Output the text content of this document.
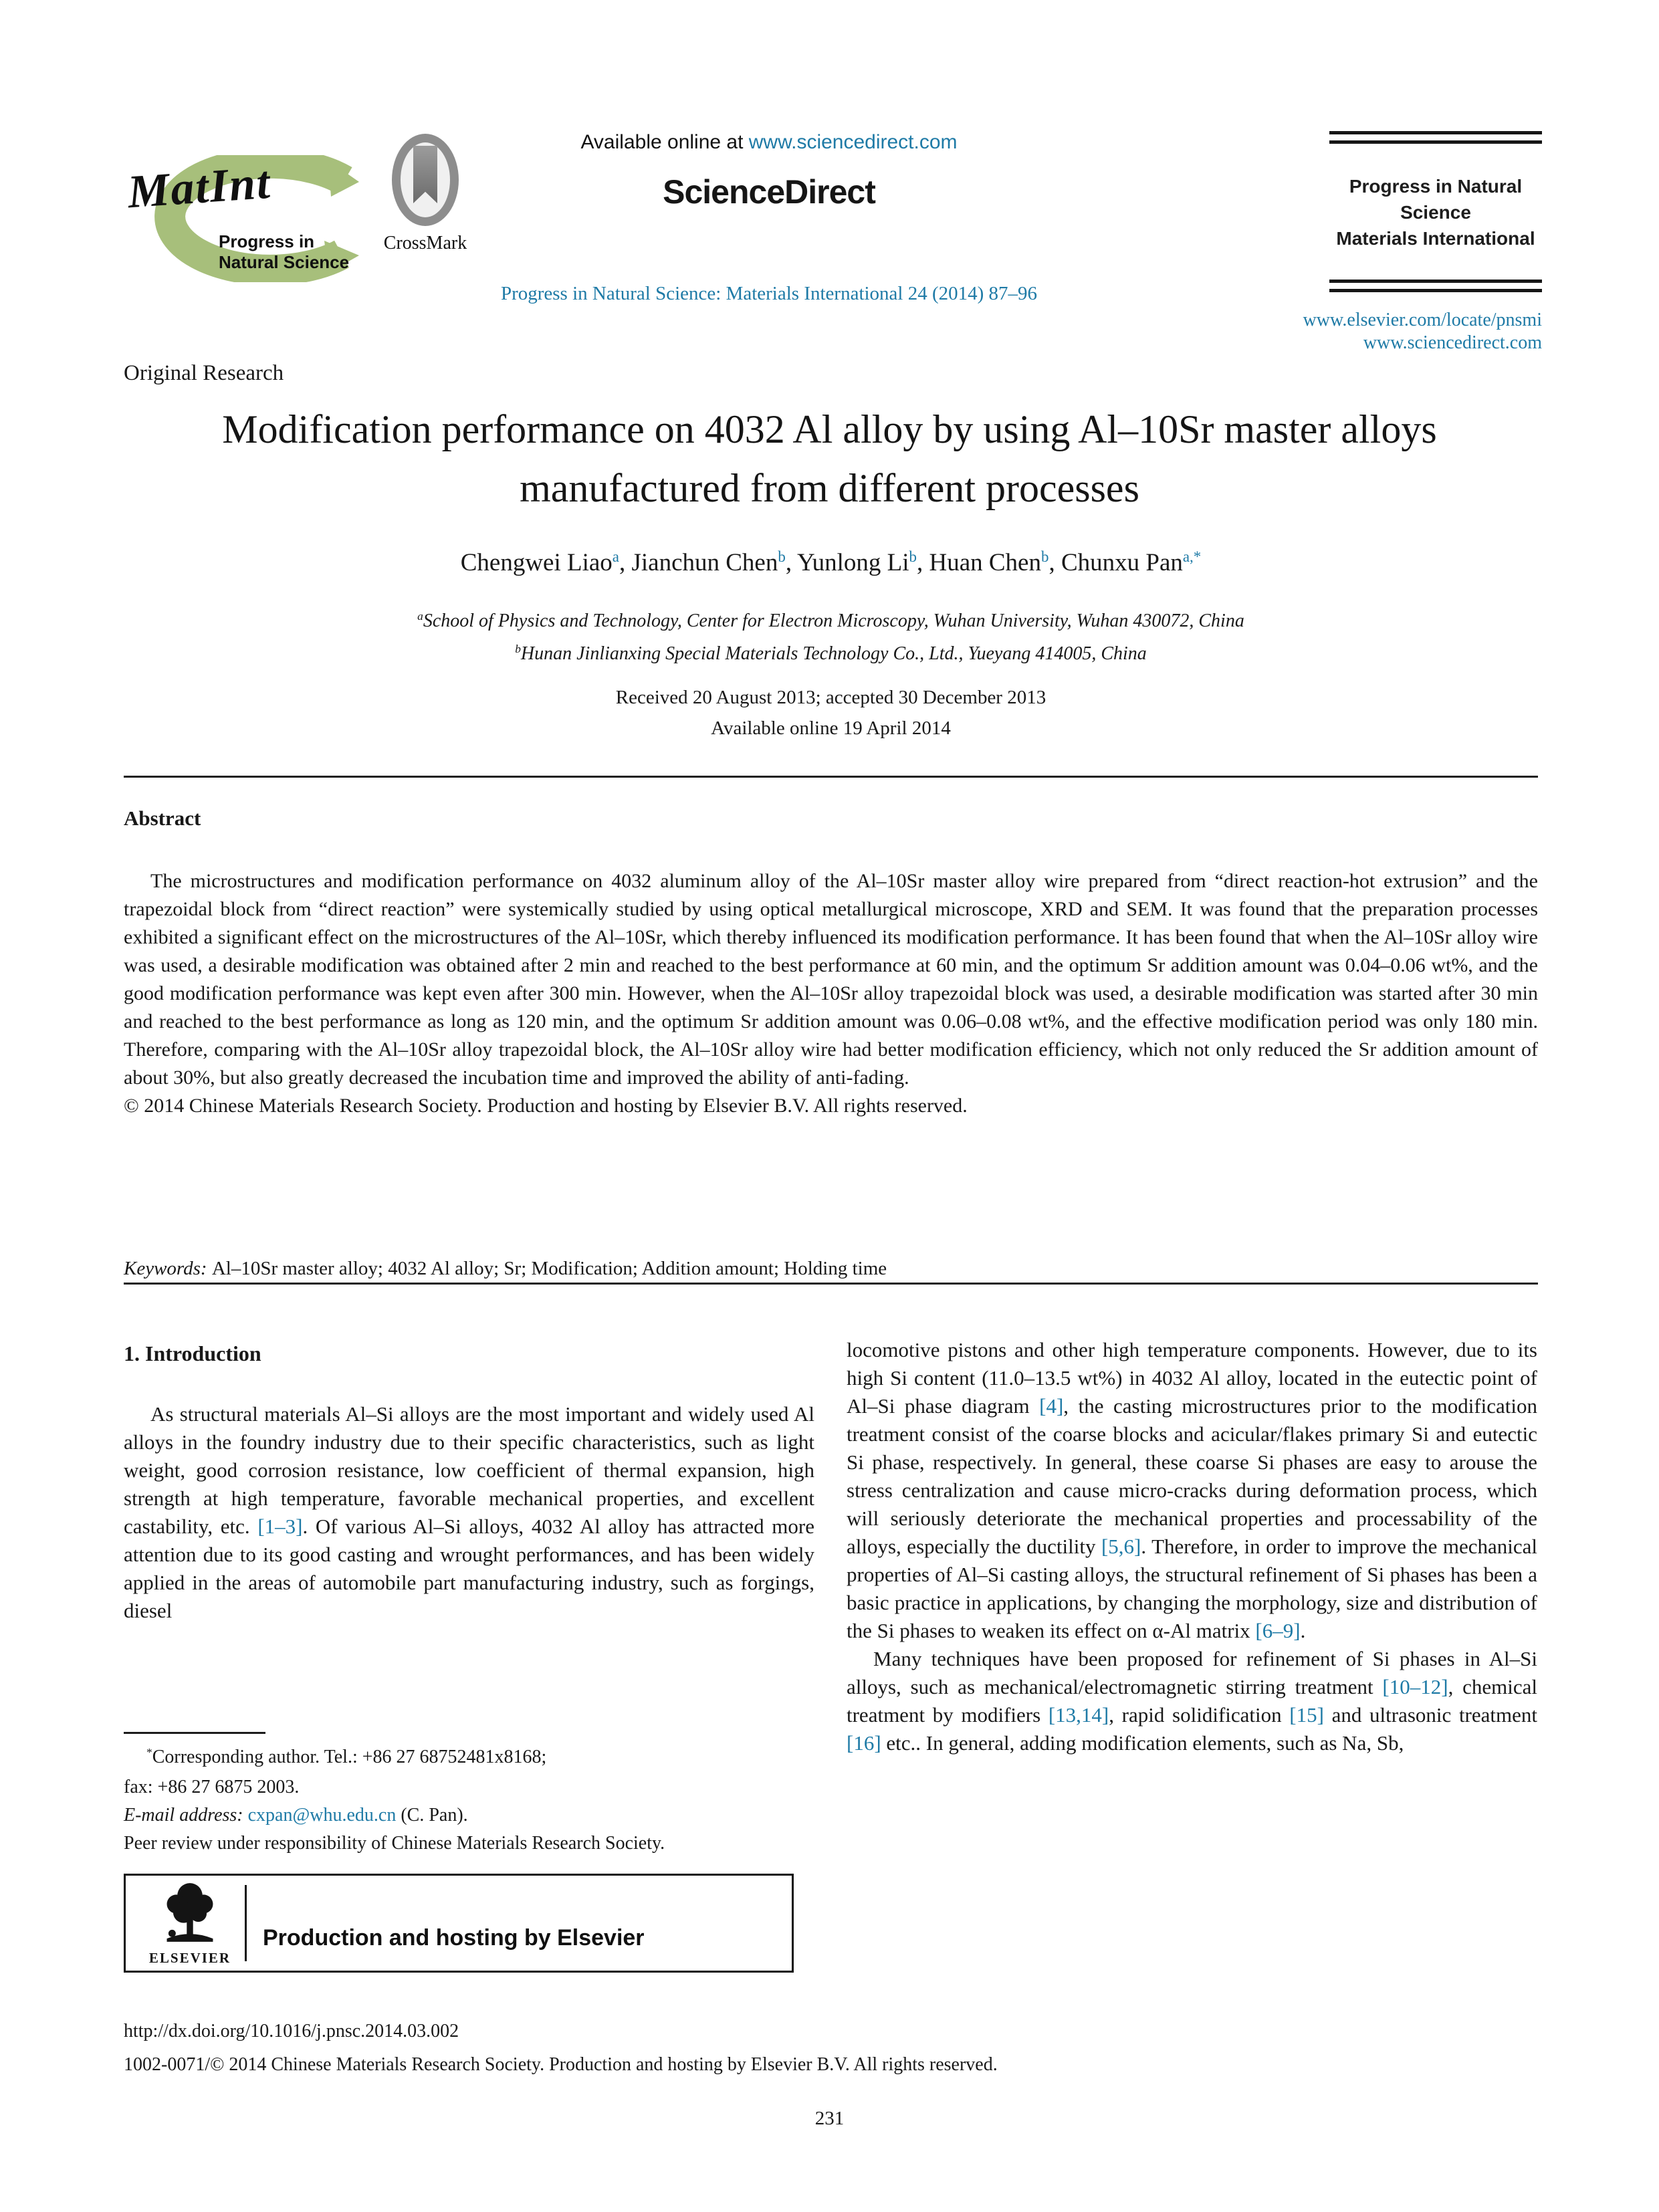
MatInt
Progress in
Natural Science
CrossMark
Available online at www.sciencedirect.com
ScienceDirect
Progress in Natural Science: Materials International 24 (2014) 87–96
Progress in Natural
Science
Materials International
www.elsevier.com/locate/pnsmi
www.sciencedirect.com
Original Research
Modification performance on 4032 Al alloy by using Al–10Sr master alloys manufactured from different processes
Chengwei Liao$^a$, Jianchun Chen$^b$, Yunlong Li$^b$, Huan Chen$^b$, Chunxu Pan$^{a,*}$
$^a$School of Physics and Technology, Center for Electron Microscopy, Wuhan University, Wuhan 430072, China
$^b$Hunan Jinlianxing Special Materials Technology Co., Ltd., Yueyang 414005, China
Received 20 August 2013; accepted 30 December 2013
Available online 19 April 2014
Abstract

The microstructures and modification performance on 4032 aluminum alloy of the Al–10Sr master alloy wire prepared from “direct reaction-hot extrusion” and the trapezoidal block from “direct reaction” were systemically studied by using optical metallurgical microscope, XRD and SEM. It was found that the preparation processes exhibited a significant effect on the microstructures of the Al–10Sr, which thereby influenced its modification performance. It has been found that when the Al–10Sr alloy wire was used, a desirable modification was obtained after 2 min and reached to the best performance at 60 min, and the optimum Sr addition amount was 0.04–0.06 wt%, and the good modification performance was kept even after 300 min. However, when the Al–10Sr alloy trapezoidal block was used, a desirable modification was started after 30 min and reached to the best performance as long as 120 min, and the optimum Sr addition amount was 0.06–0.08 wt%, and the effective modification period was only 180 min. Therefore, comparing with the Al–10Sr alloy trapezoidal block, the Al–10Sr alloy wire had better modification efficiency, which not only reduced the Sr addition amount of about 30%, but also greatly decreased the incubation time and improved the ability of anti-fading.

© 2014 Chinese Materials Research Society. Production and hosting by Elsevier B.V. All rights reserved.

Keywords: Al–10Sr master alloy; 4032 Al alloy; Sr; Modification; Addition amount; Holding time

1. Introduction

As structural materials Al–Si alloys are the most important and widely used Al alloys in the foundry industry due to their specific characteristics, such as light weight, good corrosion resistance, low coefficient of thermal expansion, high strength at high temperature, favorable mechanical properties, and excellent castability, etc. [1–3]. Of various Al–Si alloys, 4032 Al alloy has attracted more attention due to its good casting and wrought performances, and has been widely applied in the areas of automobile part manufacturing industry, such as forgings, diesel

*Corresponding author. Tel.: +86 27 68752481x8168;
fax: +86 27 6875 2003.

E-mail address: cxpan@whu.edu.cn (C. Pan).

Peer review under responsibility of Chinese Materials Research Society.

ELSEVIER
Production and hosting by Elsevier

locomotive pistons and other high temperature components. However, due to its high Si content (11.0–13.5 wt%) in 4032 Al alloy, located in the eutectic point of Al–Si phase diagram [4], the casting microstructures prior to the modification treatment consist of the coarse blocks and acicular/flakes primary Si and eutectic Si phase, respectively. In general, these coarse Si phases are easy to arouse the stress centralization and cause micro-cracks during deformation process, which will seriously deteriorate the mechanical properties and processability of the alloys, especially the ductility [5,6]. Therefore, in order to improve the mechanical properties of Al–Si casting alloys, the structural refinement of Si phases has been a basic practice in applications, by changing the morphology, size and distribution of the Si phases to weaken its effect on α-Al matrix [6–9].

Many techniques have been proposed for refinement of Si phases in Al–Si alloys, such as mechanical/electromagnetic stirring treatment [10–12], chemical treatment by modifiers [13,14], rapid solidification [15] and ultrasonic treatment [16] etc.. In general, adding modification elements, such as Na, Sb,

http://dx.doi.org/10.1016/j.pnsc.2014.03.002
1002-0071/© 2014 Chinese Materials Research Society. Production and hosting by Elsevier B.V. All rights reserved.
231
